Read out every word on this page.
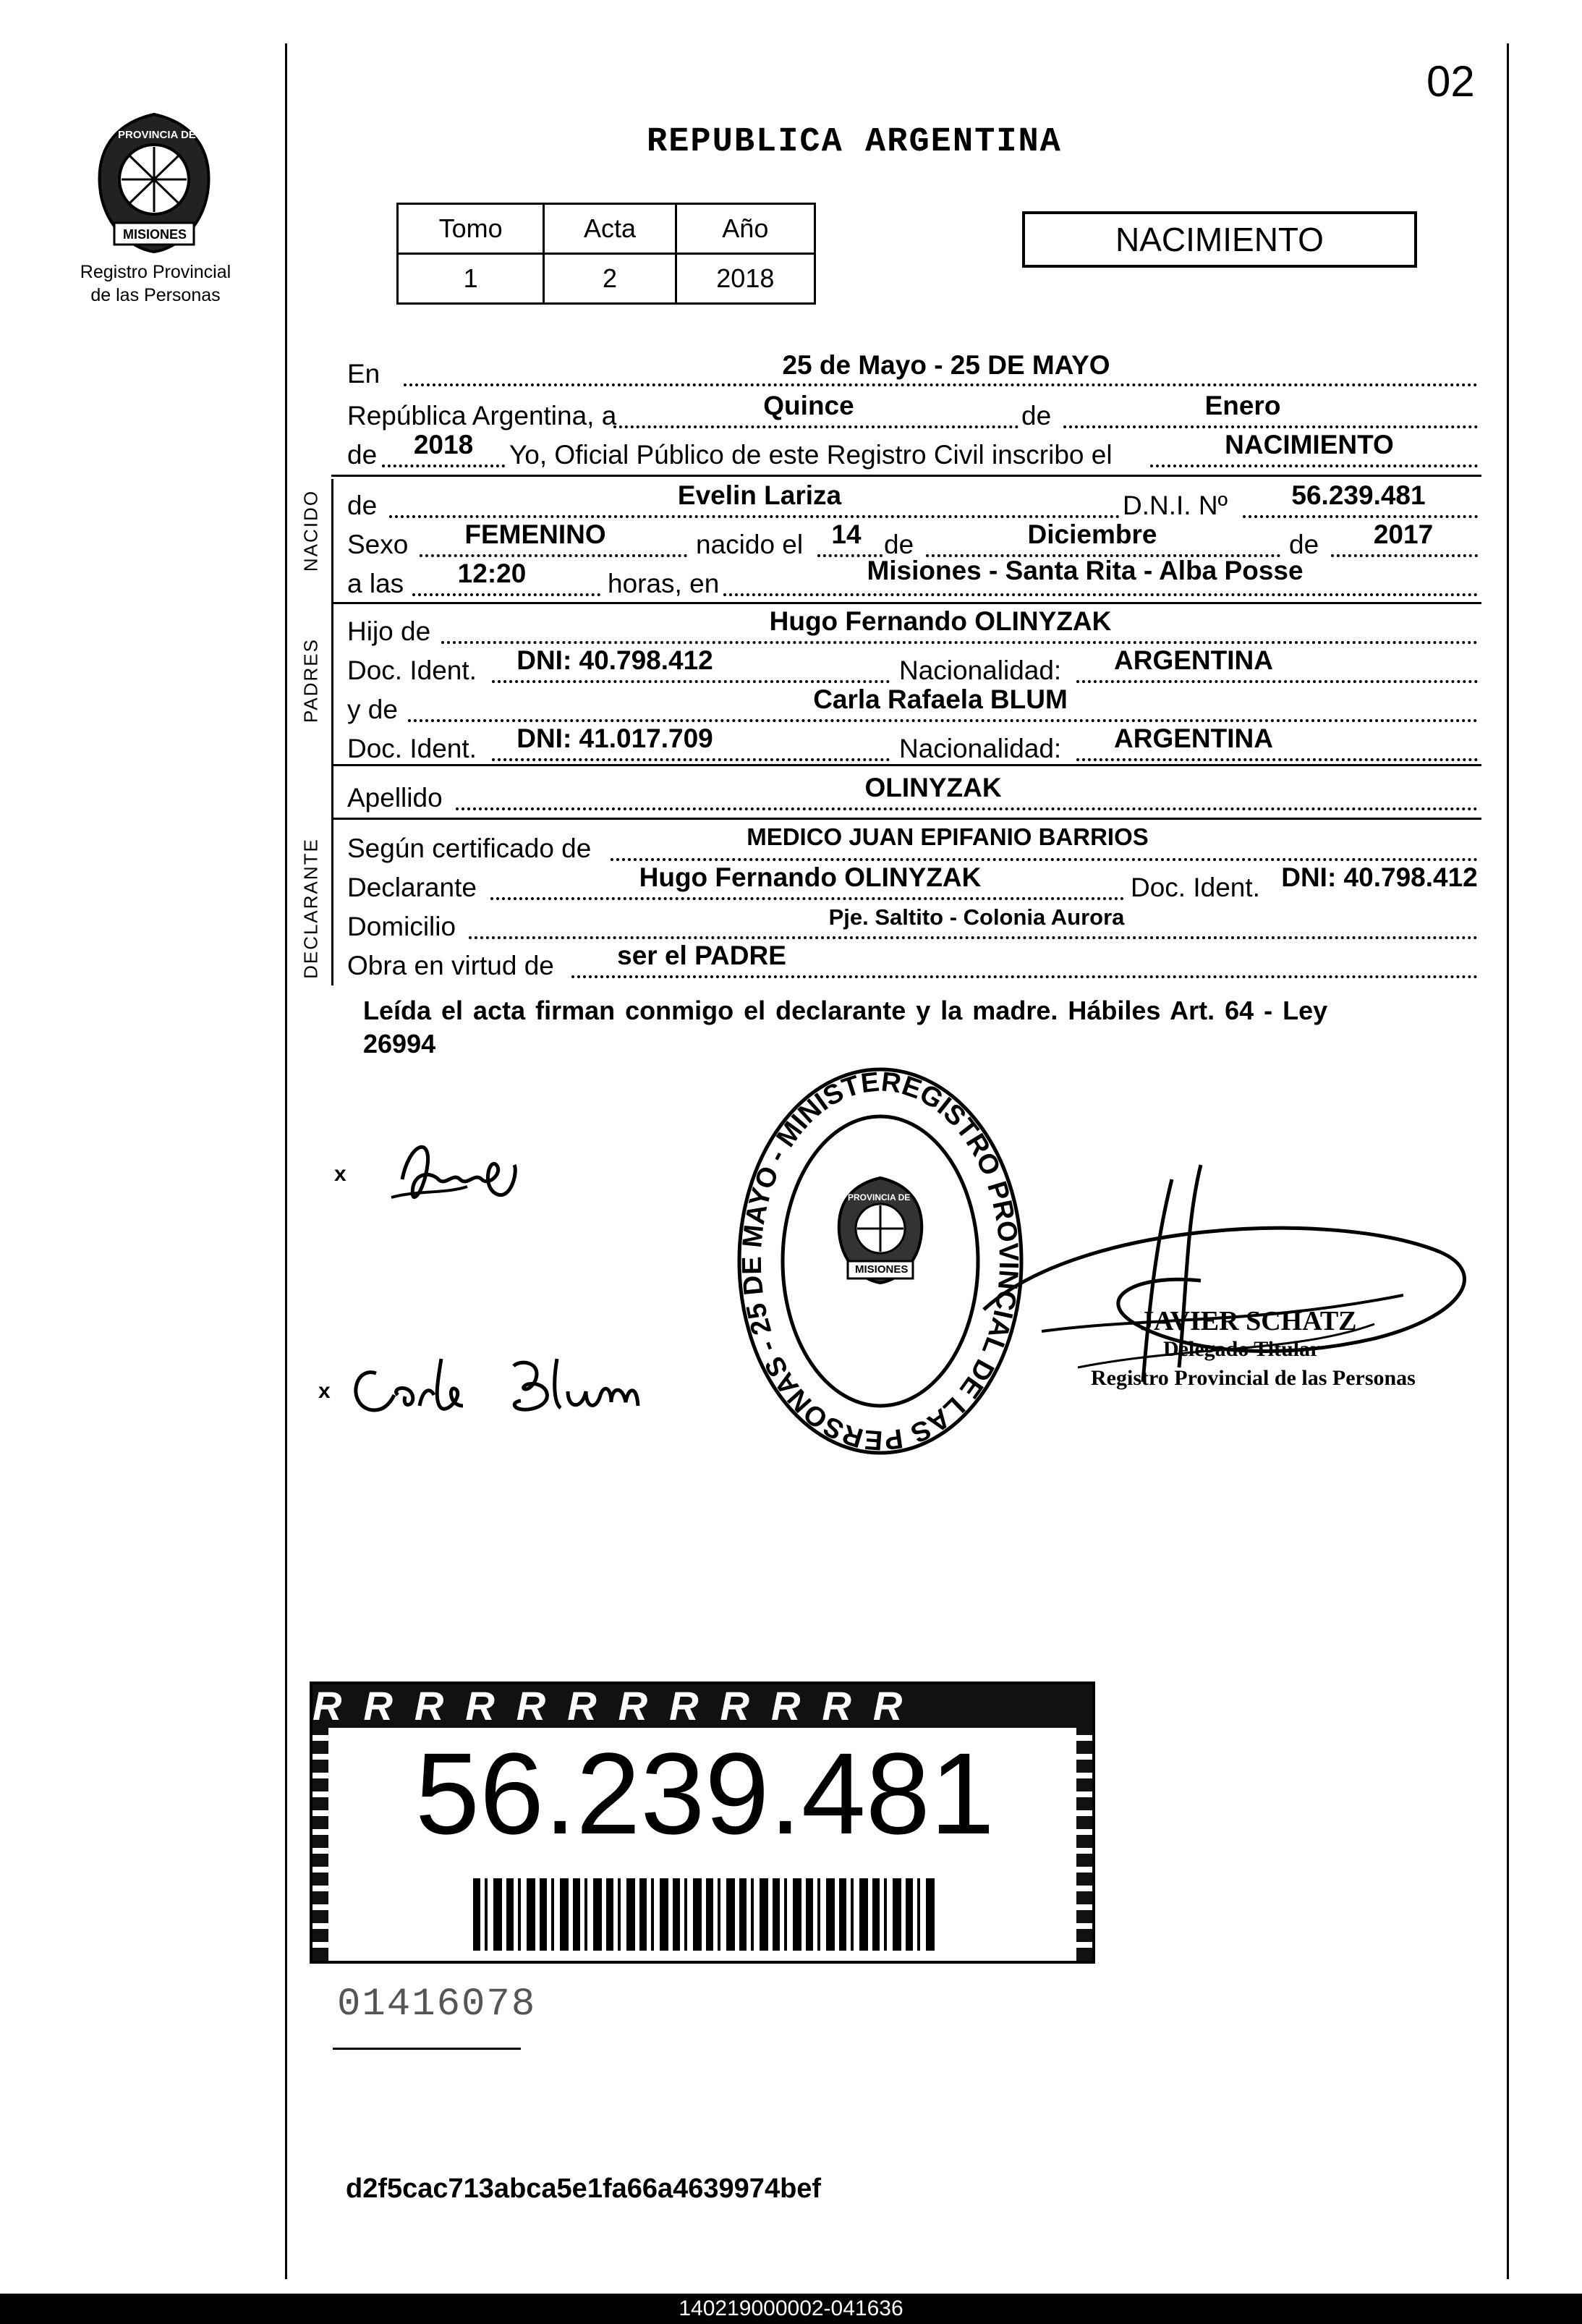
PROVINCIA DE
MISIONES
Registro Provincial
de las Personas
02
REPUBLICA ARGENTINA
Tomo	Acta	Año
1	2	2018
NACIMIENTO
NACIDO
PADRES
DECLARANTE
En	25 de Mayo - 25 DE MAYO
República Argentina, a	Quince	de	Enero
de	2018	Yo, Oficial Público de este Registro Civil inscribo el	NACIMIENTO
de	Evelin Lariza	D.N.I. Nº	56.239.481
Sexo	FEMENINO	nacido el	14 de	Diciembre	de	2017
a las	12:20	horas, en	Misiones - Santa Rita - Alba Posse
Hijo de	Hugo Fernando OLINYZAK
Doc. Ident.	DNI: 40.798.412	Nacionalidad:	ARGENTINA
y de	Carla Rafaela BLUM
Doc. Ident.	DNI: 41.017.709	Nacionalidad:	ARGENTINA
Apellido	OLINYZAK
Según certificado de	MEDICO JUAN EPIFANIO BARRIOS
Declarante	Hugo Fernando OLINYZAK	Doc. Ident. DNI: 40.798.412
Domicilio	Pje. Saltito - Colonia Aurora
Obra en virtud de	ser el PADRE
Leída el acta firman conmigo el declarante y la madre. Hábiles Art. 64 - Ley
26994
x
x
REGISTRO PROVINCIAL DE LAS PERSONAS - 25 DE MAYO - MINISTE
PROVINCIA DE
MISIONES
JAVIER SCHATZ
Delegado Titular
Registro Provincial de las Personas
RRRRRRRRRRRR
56.239.481
01416078
d2f5cac713abca5e1fa66a4639974bef
140219000002-041636
